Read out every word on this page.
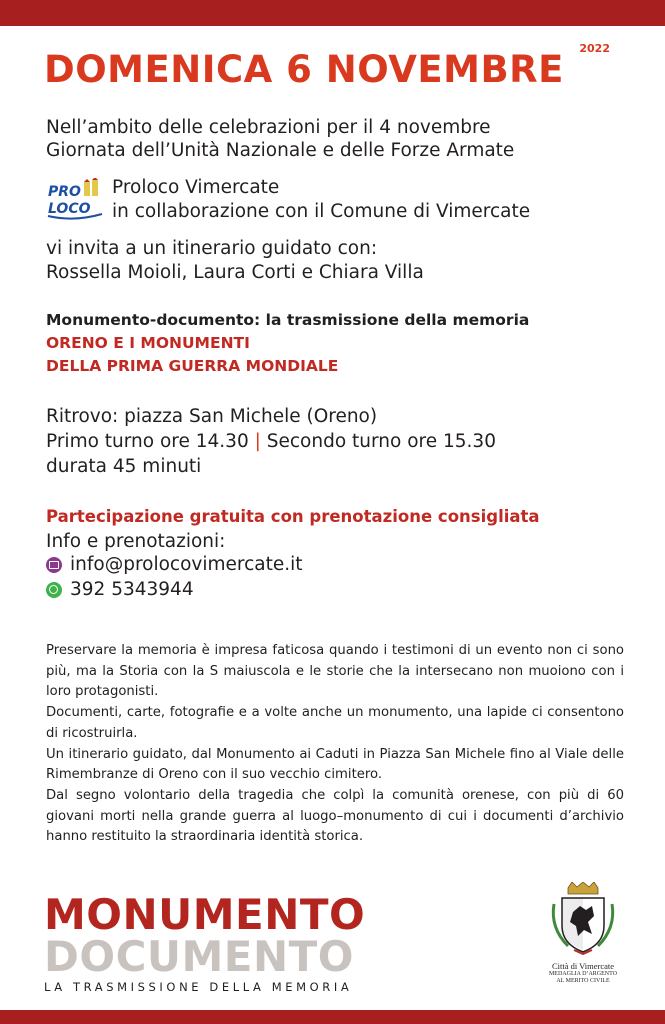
DOMENICA 6 NOVEMBRE	2022
Nell’ambito delle celebrazioni per il 4 novembre
Giornata dell’Unità Nazionale e delle Forze Armate
PRO
LOCO
Proloco Vimercate
in collaborazione con il Comune di Vimercate
vi invita a un itinerario guidato con:
Rossella Moioli, Laura Corti e Chiara Villa
Monumento-documento: la trasmissione della memoria
ORENO E I MONUMENTI
DELLA PRIMA GUERRA MONDIALE
Ritrovo: piazza San Michele (Oreno)
Primo turno ore 14.30 | Secondo turno ore 15.30
durata 45 minuti
Partecipazione gratuita con prenotazione consigliata
Info e prenotazioni:
info@prolocovimercate.it
392 5343944

Preservare la memoria è impresa faticosa quando i testimoni di un evento non ci sono più, ma la Storia con la S maiuscola e le storie che la intersecano non muoiono con i loro protagonisti.

Documenti, carte, fotografie e a volte anche un monumento, una lapide ci consentono di ricostruirla.

Un itinerario guidato, dal Monumento ai Caduti in Piazza San Michele fino al Viale delle Rimembranze di Oreno con il suo vecchio cimitero.

Dal segno volontario della tragedia che colpì la comunità orenese, con più di 60 giovani morti nella grande guerra al luogo–monumento di cui i documenti d’archivio hanno restituito la straordinaria identità storica.

MONUMENTO
DOCUMENTO
LA TRASMISSIONE DELLA MEMORIA
Città di Vimercate
MEDAGLIA D’ARGENTO
AL MERITO CIVILE
